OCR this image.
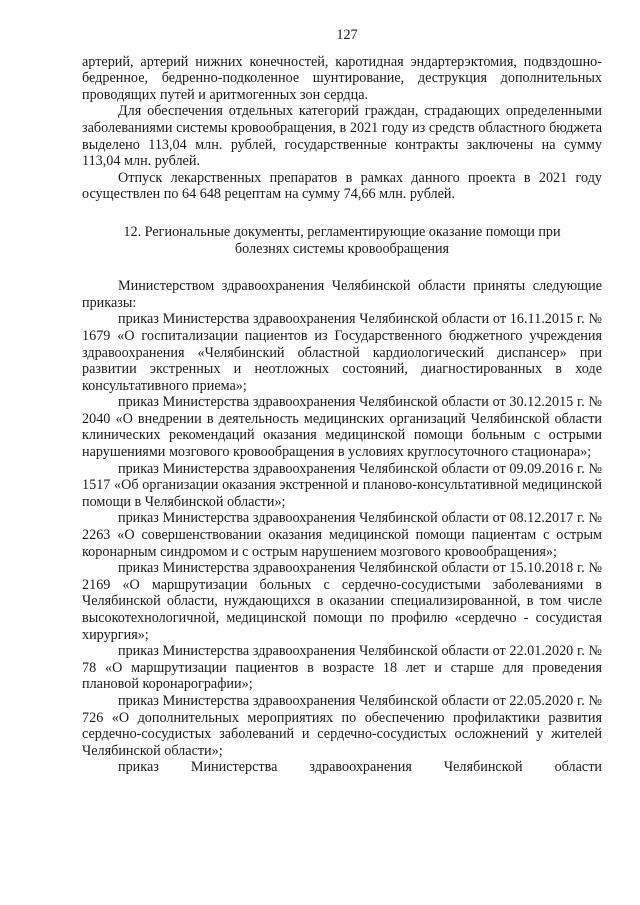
127

артерий, артерий нижних конечностей, каротидная эндартерэктомия, подвздошно-бедренное, бедренно-подколенное шунтирование, деструкция дополнительных проводящих путей и аритмогенных зон сердца.

Для обеспечения отдельных категорий граждан, страдающих определенными заболеваниями системы кровообращения, в 2021 году из средств областного бюджета выделено 113,04 млн. рублей, государственные контракты заключены на сумму 113,04 млн. рублей.

Отпуск лекарственных препаратов в рамках данного проекта в 2021 году осуществлен по 64 648 рецептам на сумму 74,66 млн. рублей.

12. Региональные документы, регламентирующие оказание помощи при
болезнях системы кровообращения

Министерством здравоохранения Челябинской области приняты следующие приказы:

приказ Министерства здравоохранения Челябинской области от 16.11.2015 г. № 1679 «О госпитализации пациентов из Государственного бюджетного учреждения здравоохранения «Челябинский областной кардиологический диспансер» при развитии экстренных и неотложных состояний, диагностированных в ходе консультативного приема»;

приказ Министерства здравоохранения Челябинской области от 30.12.2015 г. № 2040 «О внедрении в деятельность медицинских организаций Челябинской области клинических рекомендаций оказания медицинской помощи больным с острыми нарушениями мозгового кровообращения в условиях круглосуточного стационара»;

приказ Министерства здравоохранения Челябинской области от 09.09.2016 г. № 1517 «Об организации оказания экстренной и планово-консультативной медицинской помощи в Челябинской области»;

приказ Министерства здравоохранения Челябинской области от 08.12.2017 г. № 2263 «О совершенствовании оказания медицинской помощи пациентам с острым коронарным синдромом и с острым нарушением мозгового кровообращения»;

приказ Министерства здравоохранения Челябинской области от 15.10.2018 г. № 2169 «О маршрутизации больных с сердечно-сосудистыми заболеваниями в Челябинской области, нуждающихся в оказании специализированной, в том числе высокотехнологичной, медицинской помощи по профилю «сердечно - сосудистая хирургия»;

приказ Министерства здравоохранения Челябинской области от 22.01.2020 г. № 78 «О маршрутизации пациентов в возрасте 18 лет и старше для проведения плановой коронарографии»;

приказ Министерства здравоохранения Челябинской области от 22.05.2020 г. № 726 «О дополнительных мероприятиях по обеспечению профилактики развития сердечно-сосудистых заболеваний и сердечно-сосудистых осложнений у жителей Челябинской области»;

приказ Министерства здравоохранения Челябинской области
